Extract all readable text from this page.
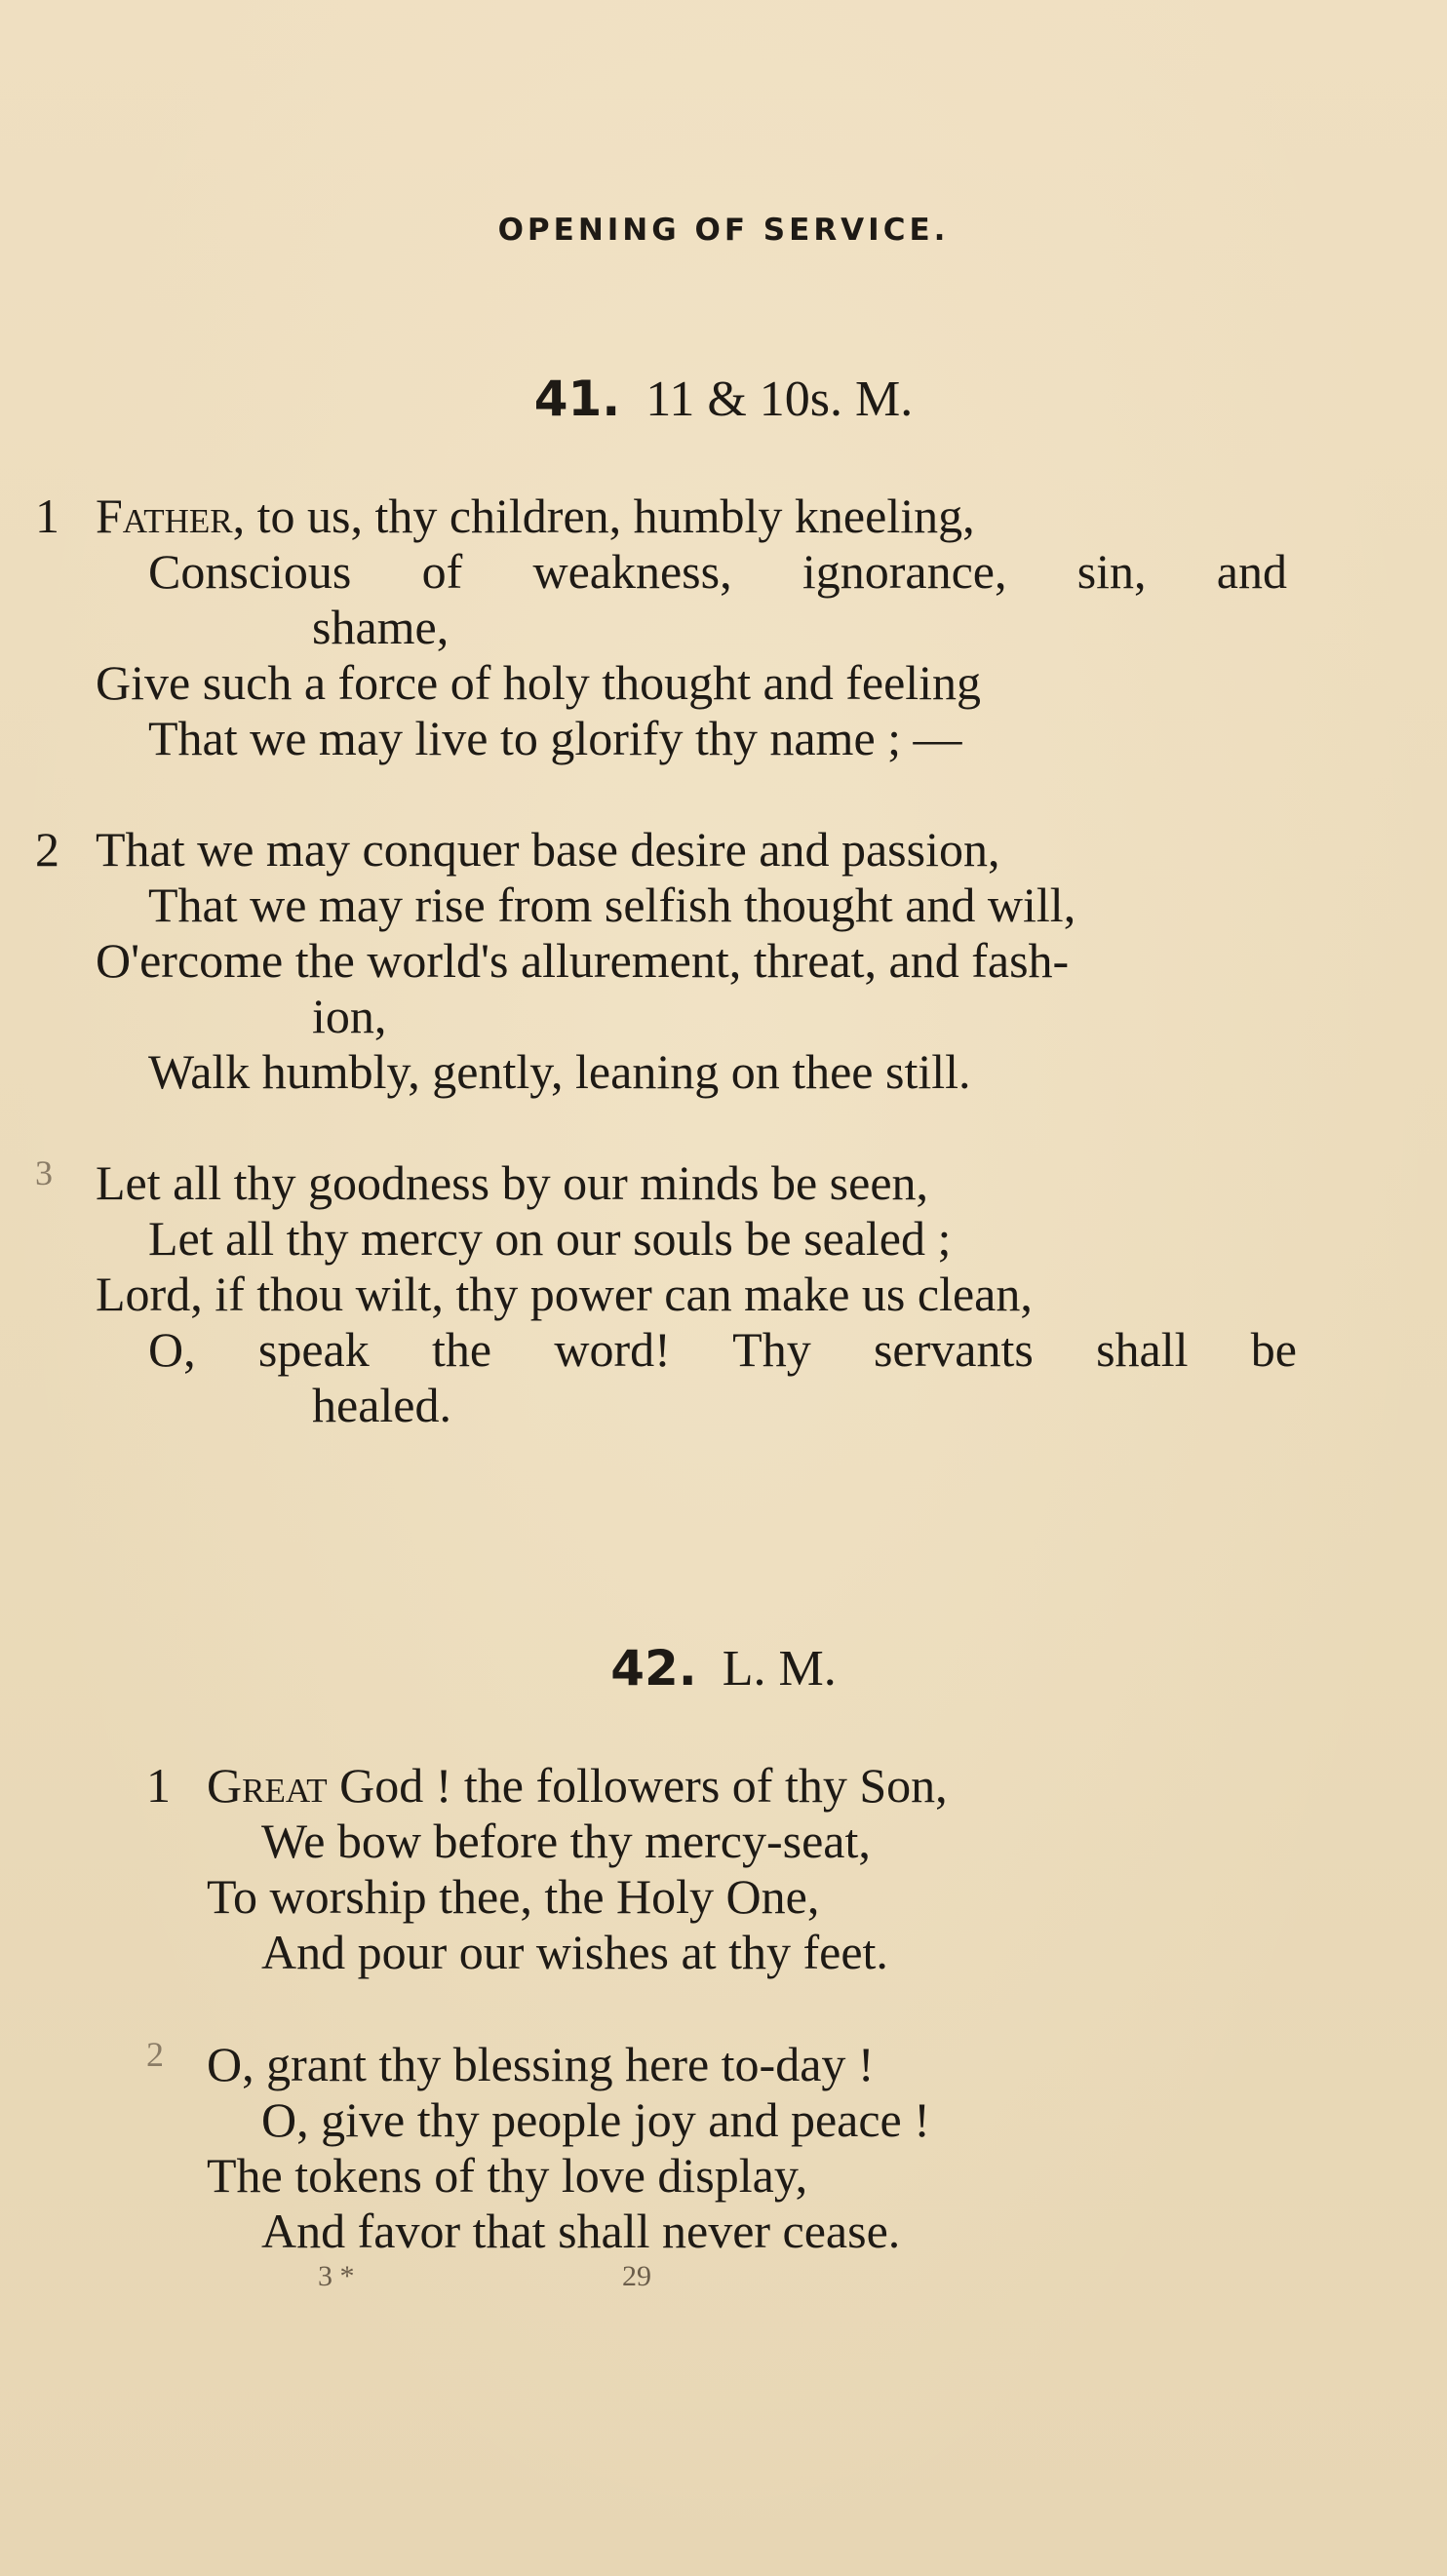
OPENING OF SERVICE.
41. 11 & 10s. M.
1 Father, to us, thy children, humbly kneeling,
Conscious of weakness, ignorance, sin, and
shame,
Give such a force of holy thought and feeling
That we may live to glorify thy name ; —
2 That we may conquer base desire and passion,
That we may rise from selfish thought and will,
O'ercome the world's allurement, threat, and fash-
ion,
Walk humbly, gently, leaning on thee still.
3 Let all thy goodness by our minds be seen,
Let all thy mercy on our souls be sealed ;
Lord, if thou wilt, thy power can make us clean,
O, speak the word! Thy servants shall be
healed.
42. L. M.
1 Great God ! the followers of thy Son,
We bow before thy mercy-seat,
To worship thee, the Holy One,
And pour our wishes at thy feet.
2 O, grant thy blessing here to-day !
O, give thy people joy and peace !
The tokens of thy love display,
And favor that shall never cease.
3 *	29
